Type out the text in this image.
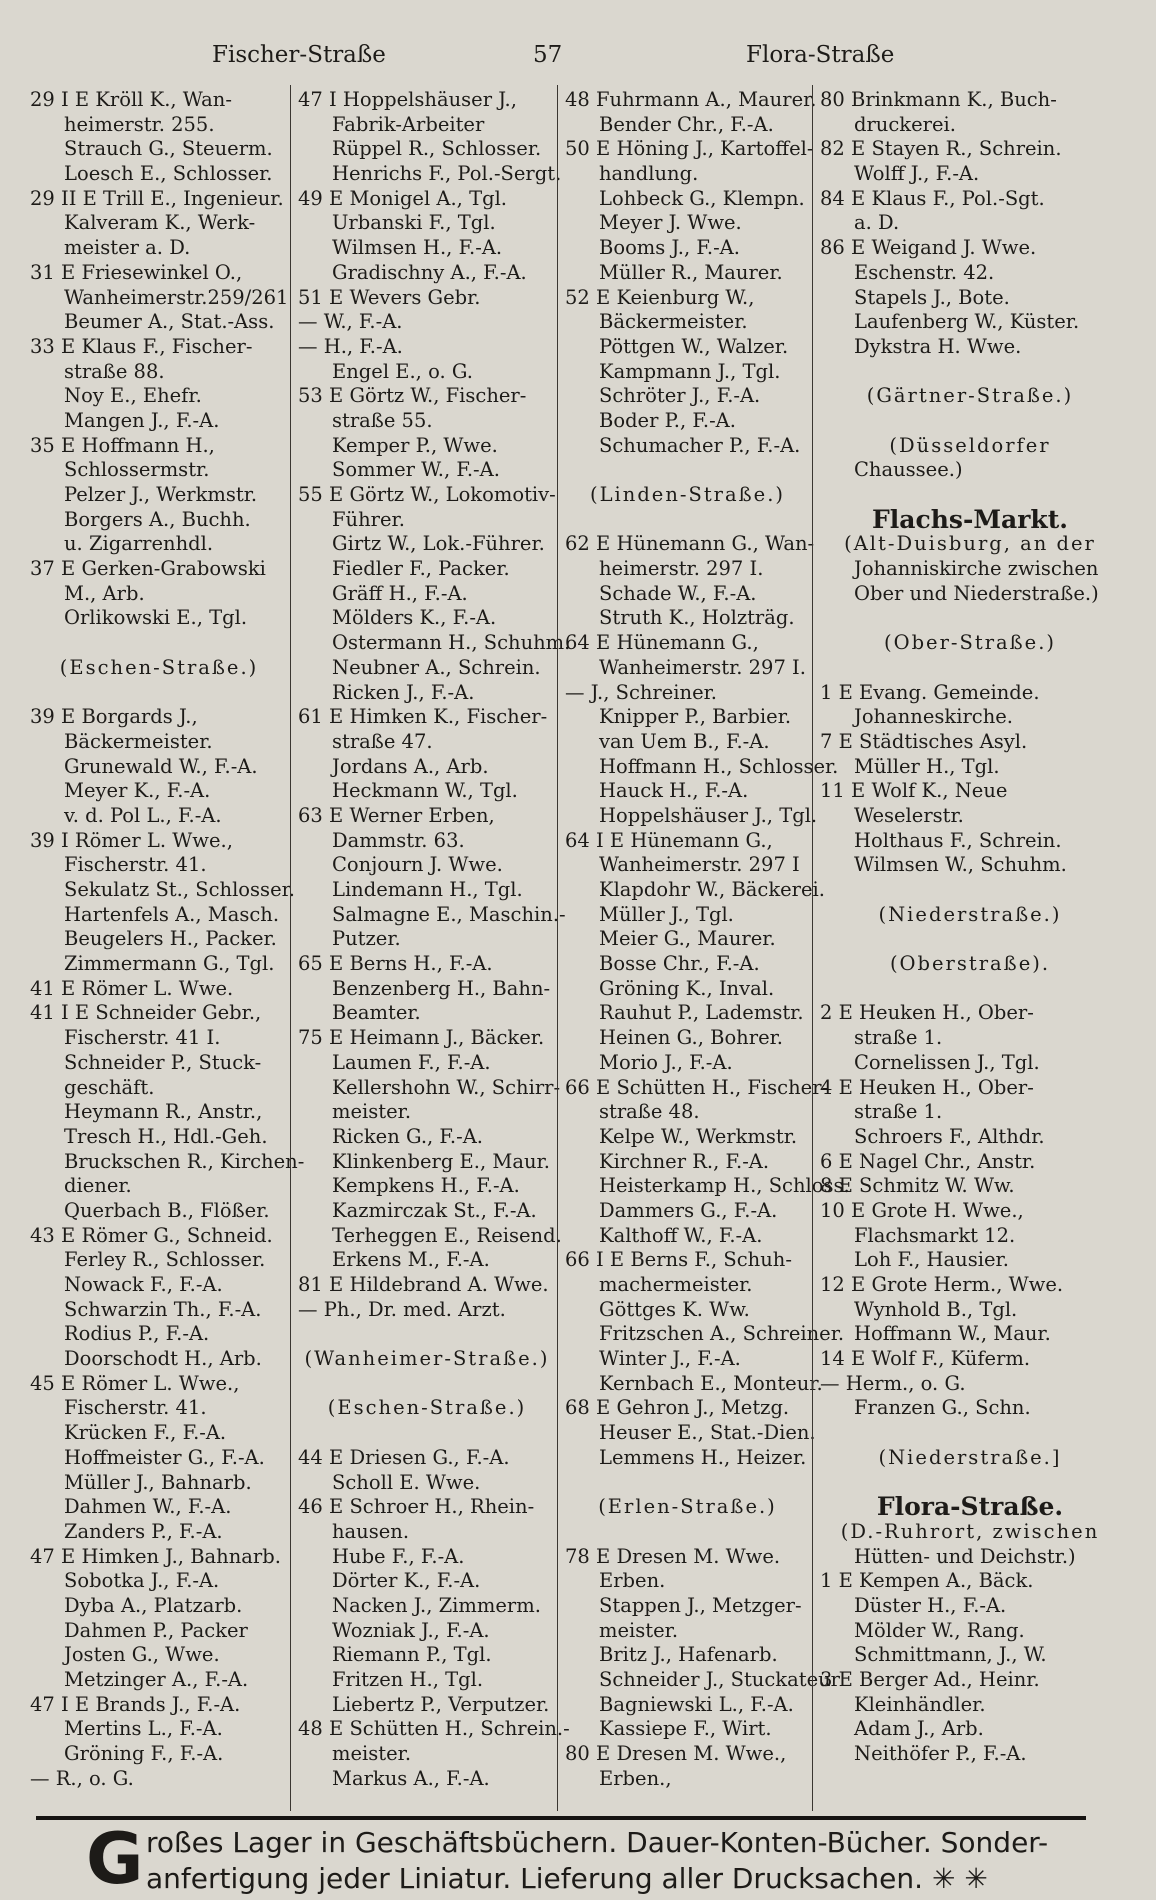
Fischer-Straße	57	Flora-Straße
29 I E Kröll K., Wan-
heimerstr. 255.
Strauch G., Steuerm.
Loesch E., Schlosser.
29 II E Trill E., Ingenieur.
Kalveram K., Werk-
meister a. D.
31 E Friesewinkel O.,
Wanheimerstr.259/261
Beumer A., Stat.-Ass.
33 E Klaus F., Fischer-
straße 88.
Noy E., Ehefr.
Mangen J., F.-A.
35 E Hoffmann H.,
Schlossermstr.
Pelzer J., Werkmstr.
Borgers A., Buchh.
u. Zigarrenhdl.
37 E Gerken-Grabowski
M., Arb.
Orlikowski E., Tgl.
(Eschen-Straße.)
39 E Borgards J.,
Bäckermeister.
Grunewald W., F.-A.
Meyer K., F.-A.
v. d. Pol L., F.-A.
39 I Römer L. Wwe.,
Fischerstr. 41.
Sekulatz St., Schlosser.
Hartenfels A., Masch.
Beugelers H., Packer.
Zimmermann G., Tgl.
41 E Römer L. Wwe.
41 I E Schneider Gebr.,
Fischerstr. 41 I.
Schneider P., Stuck-
geschäft.
Heymann R., Anstr.,
Tresch H., Hdl.-Geh.
Bruckschen R., Kirchen-
diener.
Querbach B., Flößer.
43 E Römer G., Schneid.
Ferley R., Schlosser.
Nowack F., F.-A.
Schwarzin Th., F.-A.
Rodius P., F.-A.
Doorschodt H., Arb.
45 E Römer L. Wwe.,
Fischerstr. 41.
Krücken F., F.-A.
Hoffmeister G., F.-A.
Müller J., Bahnarb.
Dahmen W., F.-A.
Zanders P., F.-A.
47 E Himken J., Bahnarb.
Sobotka J., F.-A.
Dyba A., Platzarb.
Dahmen P., Packer
Josten G., Wwe.
Metzinger A., F.-A.
47 I E Brands J., F.-A.
Mertins L., F.-A.
Gröning F., F.-A.
— R., o. G.
47 I Hoppelshäuser J.,
Fabrik-Arbeiter
Rüppel R., Schlosser.
Henrichs F., Pol.-Sergt.
49 E Monigel A., Tgl.
Urbanski F., Tgl.
Wilmsen H., F.-A.
Gradischny A., F.-A.
51 E Wevers Gebr.
— W., F.-A.
— H., F.-A.
Engel E., o. G.
53 E Görtz W., Fischer-
straße 55.
Kemper P., Wwe.
Sommer W., F.-A.
55 E Görtz W., Lokomotiv-
Führer.
Girtz W., Lok.-Führer.
Fiedler F., Packer.
Gräff H., F.-A.
Mölders K., F.-A.
Ostermann H., Schuhm.
Neubner A., Schrein.
Ricken J., F.-A.
61 E Himken K., Fischer-
straße 47.
Jordans A., Arb.
Heckmann W., Tgl.
63 E Werner Erben,
Dammstr. 63.
Conjourn J. Wwe.
Lindemann H., Tgl.
Salmagne E., Maschin.-
Putzer.
65 E Berns H., F.-A.
Benzenberg H., Bahn-
Beamter.
75 E Heimann J., Bäcker.
Laumen F., F.-A.
Kellershohn W., Schirr-
meister.
Ricken G., F.-A.
Klinkenberg E., Maur.
Kempkens H., F.-A.
Kazmirczak St., F.-A.
Terheggen E., Reisend.
Erkens M., F.-A.
81 E Hildebrand A. Wwe.
— Ph., Dr. med. Arzt.
(Wanheimer-Straße.)
(Eschen-Straße.)
44 E Driesen G., F.-A.
Scholl E. Wwe.
46 E Schroer H., Rhein-
hausen.
Hube F., F.-A.
Dörter K., F.-A.
Nacken J., Zimmerm.
Wozniak J., F.-A.
Riemann P., Tgl.
Fritzen H., Tgl.
Liebertz P., Verputzer.
48 E Schütten H., Schrein.-
meister.
Markus A., F.-A.
48 Fuhrmann A., Maurer.
Bender Chr., F.-A.
50 E Höning J., Kartoffel-
handlung.
Lohbeck G., Klempn.
Meyer J. Wwe.
Booms J., F.-A.
Müller R., Maurer.
52 E Keienburg W.,
Bäckermeister.
Pöttgen W., Walzer.
Kampmann J., Tgl.
Schröter J., F.-A.
Boder P., F.-A.
Schumacher P., F.-A.
(Linden-Straße.)
62 E Hünemann G., Wan-
heimerstr. 297 I.
Schade W., F.-A.
Struth K., Holzträg.
64 E Hünemann G.,
Wanheimerstr. 297 I.
— J., Schreiner.
Knipper P., Barbier.
van Uem B., F.-A.
Hoffmann H., Schlosser.
Hauck H., F.-A.
Hoppelshäuser J., Tgl.
64 I E Hünemann G.,
Wanheimerstr. 297 I
Klapdohr W., Bäckerei.
Müller J., Tgl.
Meier G., Maurer.
Bosse Chr., F.-A.
Gröning K., Inval.
Rauhut P., Lademstr.
Heinen G., Bohrer.
Morio J., F.-A.
66 E Schütten H., Fischer-
straße 48.
Kelpe W., Werkmstr.
Kirchner R., F.-A.
Heisterkamp H., Schloss.
Dammers G., F.-A.
Kalthoff W., F.-A.
66 I E Berns F., Schuh-
machermeister.
Göttges K. Ww.
Fritzschen A., Schreiner.
Winter J., F.-A.
Kernbach E., Monteur.
68 E Gehron J., Metzg.
Heuser E., Stat.-Dien.
Lemmens H., Heizer.
(Erlen-Straße.)
78 E Dresen M. Wwe.
Erben.
Stappen J., Metzger-
meister.
Britz J., Hafenarb.
Schneider J., Stuckateur
Bagniewski L., F.-A.
Kassiepe F., Wirt.
80 E Dresen M. Wwe.,
Erben.,
80 Brinkmann K., Buch-
druckerei.
82 E Stayen R., Schrein.
Wolff J., F.-A.
84 E Klaus F., Pol.-Sgt.
a. D.
86 E Weigand J. Wwe.
Eschenstr. 42.
Stapels J., Bote.
Laufenberg W., Küster.
Dykstra H. Wwe.
(Gärtner-Straße.)
(Düsseldorfer
Chaussee.)
Flachs-Markt.
(Alt-Duisburg, an der
Johanniskirche zwischen
Ober und Niederstraße.)
(Ober-Straße.)
1 E Evang. Gemeinde.
Johanneskirche.
7 E Städtisches Asyl.
Müller H., Tgl.
11 E Wolf K., Neue
Weselerstr.
Holthaus F., Schrein.
Wilmsen W., Schuhm.
(Niederstraße.)
(Oberstraße).
2 E Heuken H., Ober-
straße 1.
Cornelissen J., Tgl.
4 E Heuken H., Ober-
straße 1.
Schroers F., Althdr.
6 E Nagel Chr., Anstr.
8 E Schmitz W. Ww.
10 E Grote H. Wwe.,
Flachsmarkt 12.
Loh F., Hausier.
12 E Grote Herm., Wwe.
Wynhold B., Tgl.
Hoffmann W., Maur.
14 E Wolf F., Küferm.
— Herm., o. G.
Franzen G., Schn.
(Niederstraße.]
Flora-Straße.
(D.-Ruhrort, zwischen
Hütten- und Deichstr.)
1 E Kempen A., Bäck.
Düster H., F.-A.
Mölder W., Rang.
Schmittmann, J., W.
3 E Berger Ad., Heinr.
Kleinhändler.
Adam J., Arb.
Neithöfer P., F.-A.
G roßes Lager in Geschäftsbüchern. Dauer-Konten-Bücher. Sonder-
anfertigung jeder Liniatur. Lieferung aller Drucksachen. ✳ ✳
